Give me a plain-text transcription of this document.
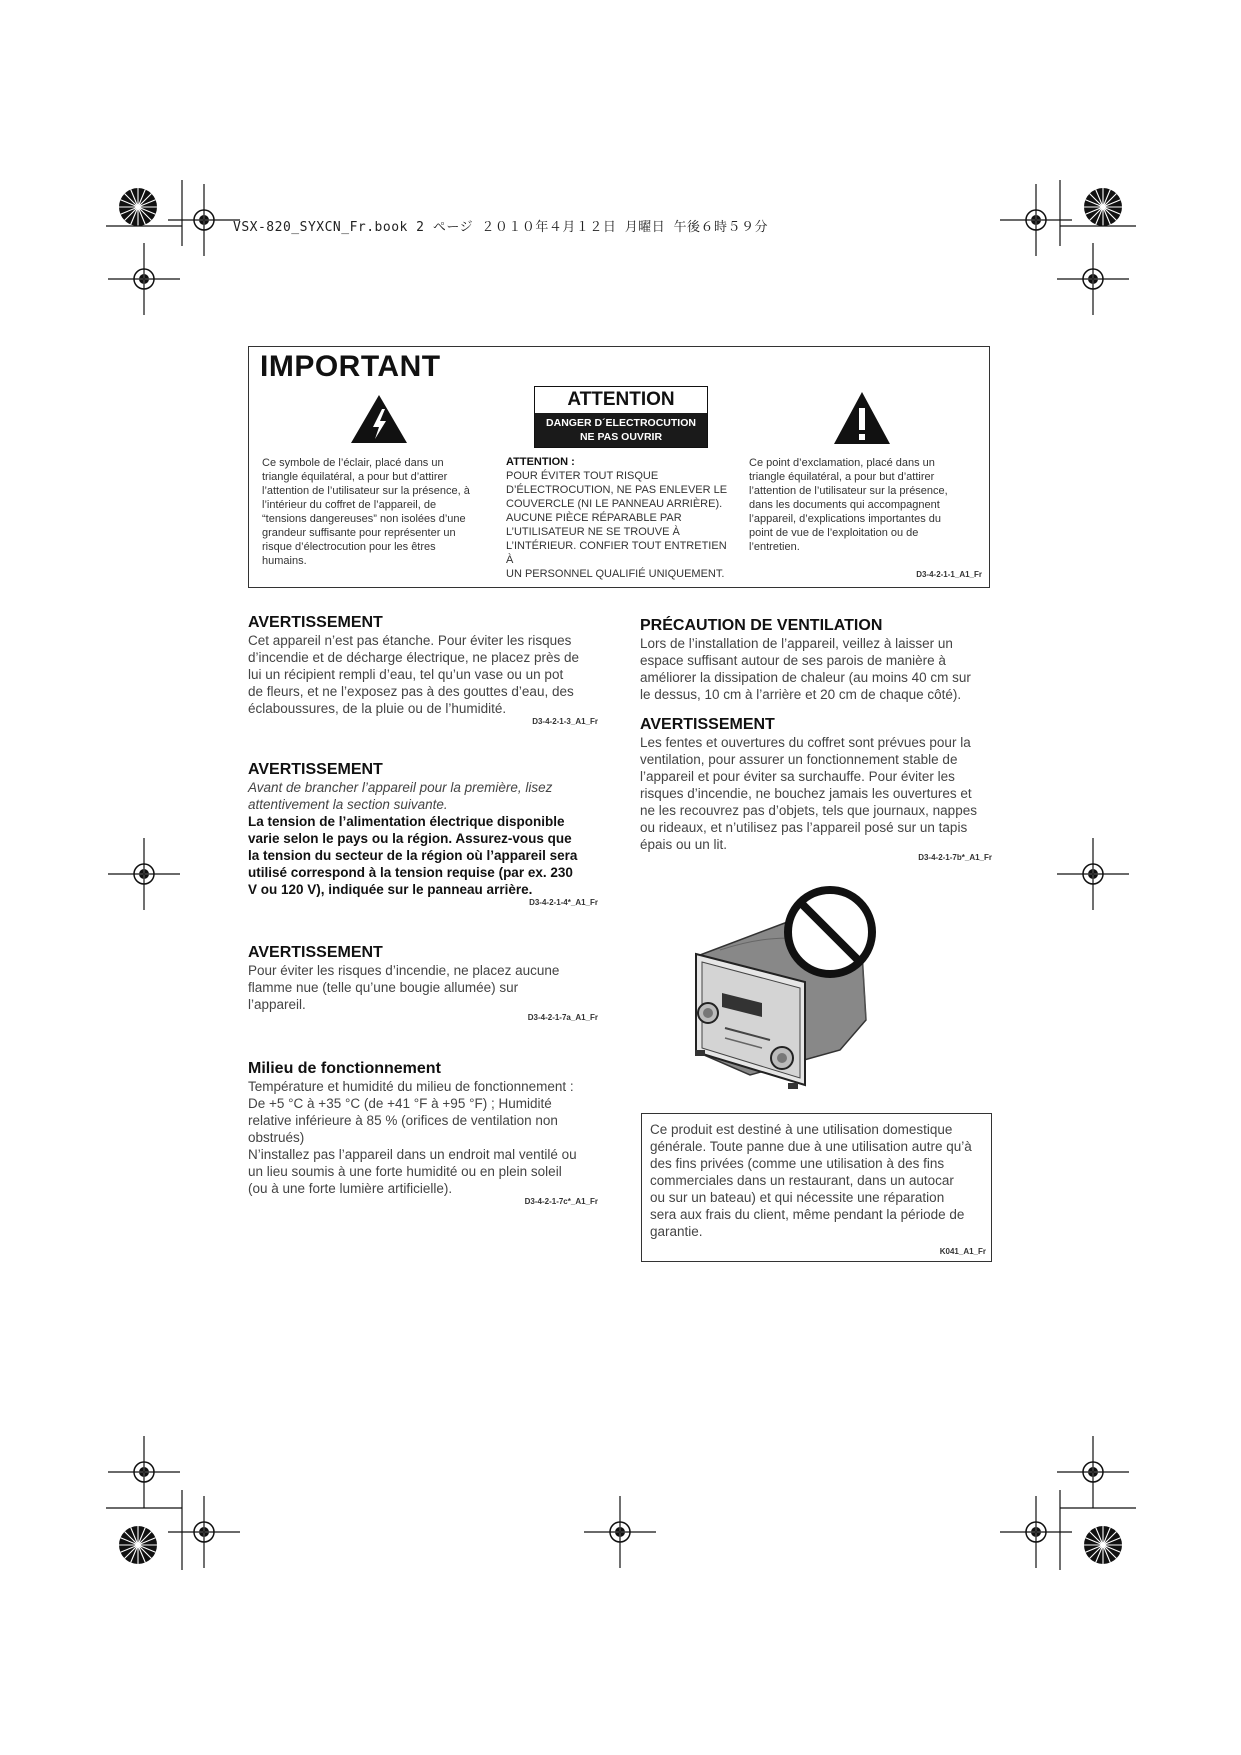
VSX-820_SYXCN_Fr.book 2 ページ ２０１０年４月１２日 月曜日 午後６時５９分
IMPORTANT
ATTENTION
DANGER D´ELECTROCUTION
NE PAS OUVRIR
Ce symbole de l’éclair, placé dans un
triangle équilatéral, a pour but d’attirer
l’attention de l’utilisateur sur la présence, à
l’intérieur du coffret de l’appareil, de
“tensions dangereuses” non isolées d’une
grandeur suffisante pour représenter un
risque d’électrocution pour les êtres
humains.
ATTENTION :
POUR ÉVITER TOUT RISQUE
D’ÉLECTROCUTION, NE PAS ENLEVER LE
COUVERCLE (NI LE PANNEAU ARRIÈRE).
AUCUNE PIÈCE RÉPARABLE PAR
L’UTILISATEUR NE SE TROUVE À
L’INTÉRIEUR. CONFIER TOUT ENTRETIEN À
UN PERSONNEL QUALIFIÉ UNIQUEMENT.
Ce point d’exclamation, placé dans un
triangle équilatéral, a pour but d’attirer
l’attention de l’utilisateur sur la présence,
dans les documents qui accompagnent
l’appareil, d’explications importantes du
point de vue de l’exploitation ou de
l’entretien.
D3-4-2-1-1_A1_Fr
AVERTISSEMENT
Cet appareil n’est pas étanche. Pour éviter les risques
d’incendie et de décharge électrique, ne placez près de
lui un récipient rempli d’eau, tel qu’un vase ou un pot
de fleurs, et ne l’exposez pas à des gouttes d’eau, des
éclaboussures, de la pluie ou de l’humidité.
D3-4-2-1-3_A1_Fr
AVERTISSEMENT
Avant de brancher l’appareil pour la première, lisez
attentivement la section suivante.
La tension de l’alimentation électrique disponible
varie selon le pays ou la région. Assurez-vous que
la tension du secteur de la région où l’appareil sera
utilisé correspond à la tension requise (par ex. 230
V ou 120 V), indiquée sur le panneau arrière.
D3-4-2-1-4*_A1_Fr
AVERTISSEMENT
Pour éviter les risques d’incendie, ne placez aucune
flamme nue (telle qu’une bougie allumée) sur
l’appareil.
D3-4-2-1-7a_A1_Fr
Milieu de fonctionnement
Température et humidité du milieu de fonctionnement :
De +5 °C à +35 °C (de +41 °F à +95 °F) ; Humidité
relative inférieure à 85 % (orifices de ventilation non
obstrués)
N’installez pas l’appareil dans un endroit mal ventilé ou
un lieu soumis à une forte humidité ou en plein soleil
(ou à une forte lumière artificielle).
D3-4-2-1-7c*_A1_Fr
PRÉCAUTION DE VENTILATION
Lors de l’installation de l’appareil, veillez à laisser un
espace suffisant autour de ses parois de manière à
améliorer la dissipation de chaleur (au moins 40 cm sur
le dessus, 10 cm à l’arrière et 20 cm de chaque côté).
AVERTISSEMENT
Les fentes et ouvertures du coffret sont prévues pour la
ventilation, pour assurer un fonctionnement stable de
l’appareil et pour éviter sa surchauffe. Pour éviter les
risques d’incendie, ne bouchez jamais les ouvertures et
ne les recouvrez pas d’objets, tels que journaux, nappes
ou rideaux, et n’utilisez pas l’appareil posé sur un tapis
épais ou un lit.
D3-4-2-1-7b*_A1_Fr
Ce produit est destiné à une utilisation domestique
générale. Toute panne due à une utilisation autre qu’à
des fins privées (comme une utilisation à des fins
commerciales dans un restaurant, dans un autocar
ou sur un bateau) et qui nécessite une réparation
sera aux frais du client, même pendant la période de
garantie.
K041_A1_Fr
